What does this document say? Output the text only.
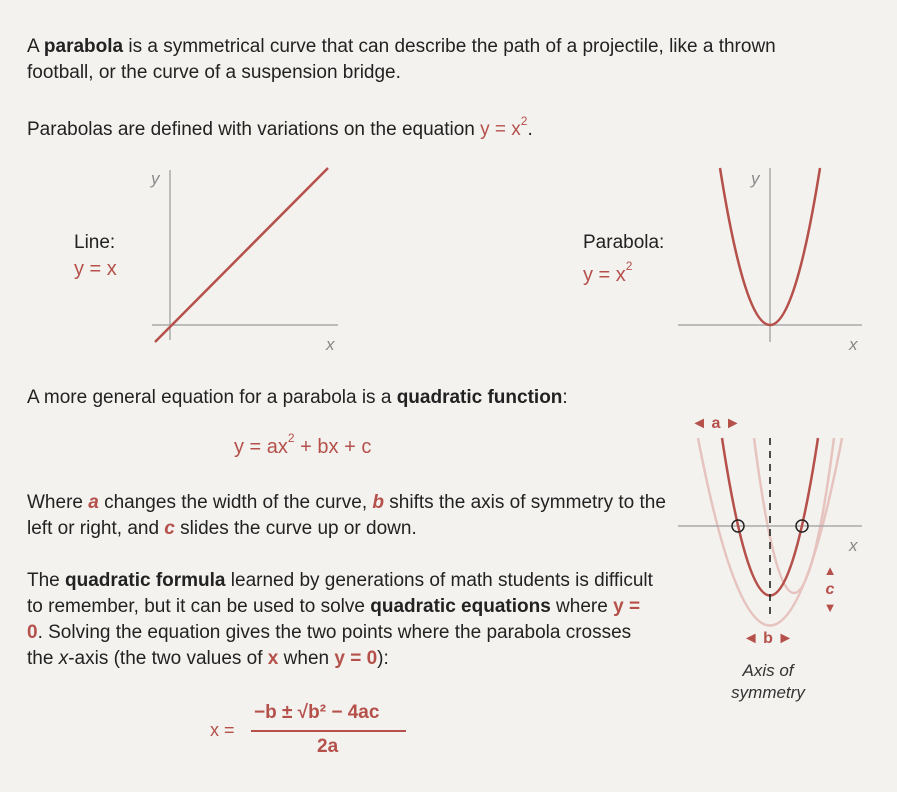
A parabola is a symmetrical curve that can describe the path of a projectile, like a thrown football, or the curve of a suspension bridge.
Parabolas are defined with variations on the equation $y = x^2$.
Line:
y = x
y
x
Parabola:
$y = x^2$
y
x
A more general equation for a parabola is a quadratic function:
$y = ax^2$ + bx + c
Where a changes the width of the curve, b shifts the axis of symmetry to the left or right, and c slides the curve up or down.
The quadratic formula learned by generations of math students is difficult to remember, but it can be used to solve quadratic equations where y = 0. Solving the equation gives the two points where the parabola crosses the x-axis (the two values of x when y = 0):
x =
−b ± √b² − 4ac
2a
◄ a ►
▲
c
▼
◄ b ►
x
Axis of
symmetry
